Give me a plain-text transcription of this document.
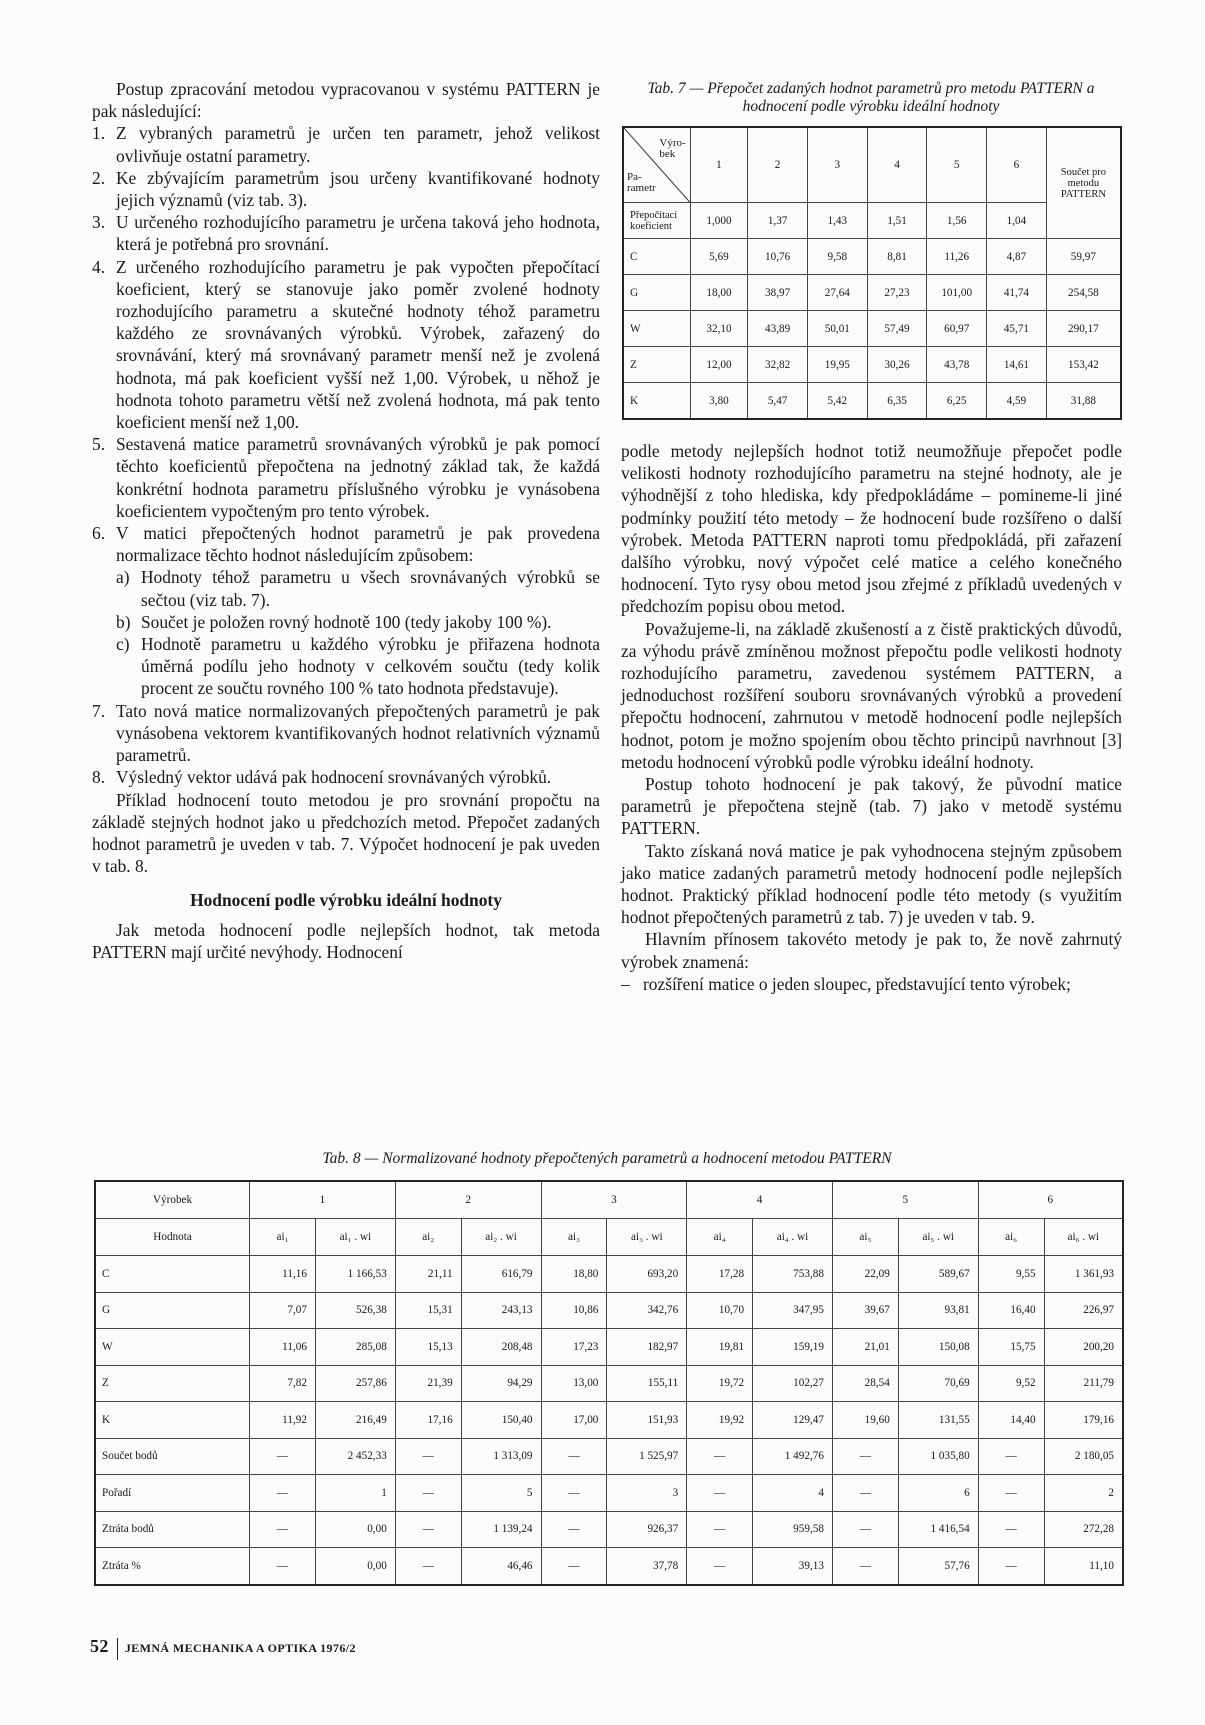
Postup zpracování metodou vypracovanou v systému PATTERN je pak následující:

1. Z vybraných parametrů je určen ten parametr, jehož velikost ovlivňuje ostatní parametry.
2. Ke zbývajícím parametrům jsou určeny kvantifikované hodnoty jejich významů (viz tab. 3).
3. U určeného rozhodujícího parametru je určena taková jeho hodnota, která je potřebná pro srovnání.
4. Z určeného rozhodujícího parametru je pak vypočten přepočítací koeficient, který se stanovuje jako poměr zvolené hodnoty rozhodujícího parametru a skutečné hodnoty téhož parametru každého ze srovnávaných výrobků. Výrobek, zařazený do srovnávání, který má srovnávaný parametr menší než je zvolená hodnota, má pak koeficient vyšší než 1,00. Výrobek, u něhož je hodnota tohoto parametru větší než zvolená hodnota, má pak tento koeficient menší než 1,00.
5. Sestavená matice parametrů srovnávaných výrobků je pak pomocí těchto koeficientů přepočtena na jednotný základ tak, že každá konkrétní hodnota parametru příslušného výrobku je vynásobena koeficientem vypočteným pro tento výrobek.
6. V matici přepočtených hodnot parametrů je pak provedena normalizace těchto hodnot následujícím způsobem:
a) Hodnoty téhož parametru u všech srovnávaných výrobků se sečtou (viz tab. 7).
b) Součet je položen rovný hodnotě 100 (tedy jakoby 100 %).
c) Hodnotě parametru u každého výrobku je přiřazena hodnota úměrná podílu jeho hodnoty v celkovém součtu (tedy kolik procent ze součtu rovného 100 % tato hodnota představuje).
7. Tato nová matice normalizovaných přepočtených parametrů je pak vynásobena vektorem kvantifikovaných hodnot relativních významů parametrů.
8. Výsledný vektor udává pak hodnocení srovnávaných výrobků.

Příklad hodnocení touto metodou je pro srovnání propočtu na základě stejných hodnot jako u předchozích metod. Přepočet zadaných hodnot parametrů je uveden v tab. 7. Výpočet hodnocení je pak uveden v tab. 8.

Hodnocení podle výrobku ideální hodnoty

Jak metoda hodnocení podle nejlepších hodnot, tak metoda PATTERN mají určité nevýhody. Hodnocení

Tab. 7 — Přepočet zadaných hodnot parametrů pro metodu PATTERN a hodnocení podle výrobku ideální hodnoty
Výro-
bek
Pa-
rametr	1	2	3	4	5	6	Součet pro metodu PATTERN
Přepočítací koeficient	1,000	1,37	1,43	1,51	1,56	1,04	
C	5,69	10,76	9,58	8,81	11,26	4,87	59,97
G	18,00	38,97	27,64	27,23	101,00	41,74	254,58
W	32,10	43,89	50,01	57,49	60,97	45,71	290,17
Z	12,00	32,82	19,95	30,26	43,78	14,61	153,42
K	3,80	5,47	5,42	6,35	6,25	4,59	31,88

podle metody nejlepších hodnot totiž neumožňuje přepočet podle velikosti hodnoty rozhodujícího parametru na stejné hodnoty, ale je výhodnější z toho hlediska, kdy předpokládáme – pomineme-li jiné podmínky použití této metody – že hodnocení bude rozšířeno o další výrobek. Metoda PATTERN naproti tomu předpokládá, při zařazení dalšího výrobku, nový výpočet celé matice a celého konečného hodnocení. Tyto rysy obou metod jsou zřejmé z příkladů uvedených v předchozím popisu obou metod.

Považujeme-li, na základě zkušeností a z čistě praktických důvodů, za výhodu právě zmíněnou možnost přepočtu podle velikosti hodnoty rozhodujícího parametru, zavedenou systémem PATTERN, a jednoduchost rozšíření souboru srovnávaných výrobků a provedení přepočtu hodnocení, zahrnutou v metodě hodnocení podle nejlepších hodnot, potom je možno spojením obou těchto principů navrhnout [3] metodu hodnocení výrobků podle výrobku ideální hodnoty.

Postup tohoto hodnocení je pak takový, že původní matice parametrů je přepočtena stejně (tab. 7) jako v metodě systému PATTERN.

Takto získaná nová matice je pak vyhodnocena stejným způsobem jako matice zadaných parametrů metody hodnocení podle nejlepších hodnot. Praktický příklad hodnocení podle této metody (s využitím hodnot přepočtených parametrů z tab. 7) je uveden v tab. 9.

Hlavním přínosem takovéto metody je pak to, že nově zahrnutý výrobek znamená:

– rozšíření matice o jeden sloupec, představující tento výrobek;
Tab. 8 — Normalizované hodnoty přepočtených parametrů a hodnocení metodou PATTERN
Výrobek	1		2		3		4		5		6	
Hodnota	ai₁	ai₁ . wi	ai₂	ai₂ . wi	ai₃	ai₃ . wi	ai₄	ai₄ . wi	ai₅	ai₅ . wi	ai₆	ai₆ . wi
C	11,16	1 166,53	21,11	616,79	18,80	693,20	17,28	753,88	22,09	589,67	9,55	1 361,93
G	7,07	526,38	15,31	243,13	10,86	342,76	10,70	347,95	39,67	93,81	16,40	226,97
W	11,06	285,08	15,13	208,48	17,23	182,97	19,81	159,19	21,01	150,08	15,75	200,20
Z	7,82	257,86	21,39	94,29	13,00	155,11	19,72	102,27	28,54	70,69	9,52	211,79
K	11,92	216,49	17,16	150,40	17,00	151,93	19,92	129,47	19,60	131,55	14,40	179,16
Součet bodů	—	2 452,33	—	1 313,09	—	1 525,97	—	1 492,76	—	1 035,80	—	2 180,05
Pořadí	—	1	—	5	—	3	—	4	—	6	—	2
Ztráta bodů	—	0,00	—	1 139,24	—	926,37	—	959,58	—	1 416,54	—	272,28
Ztráta %	—	0,00	—	46,46	—	37,78	—	39,13	—	57,76	—	11,10
52 JEMNÁ MECHANIKA A OPTIKA 1976/2
